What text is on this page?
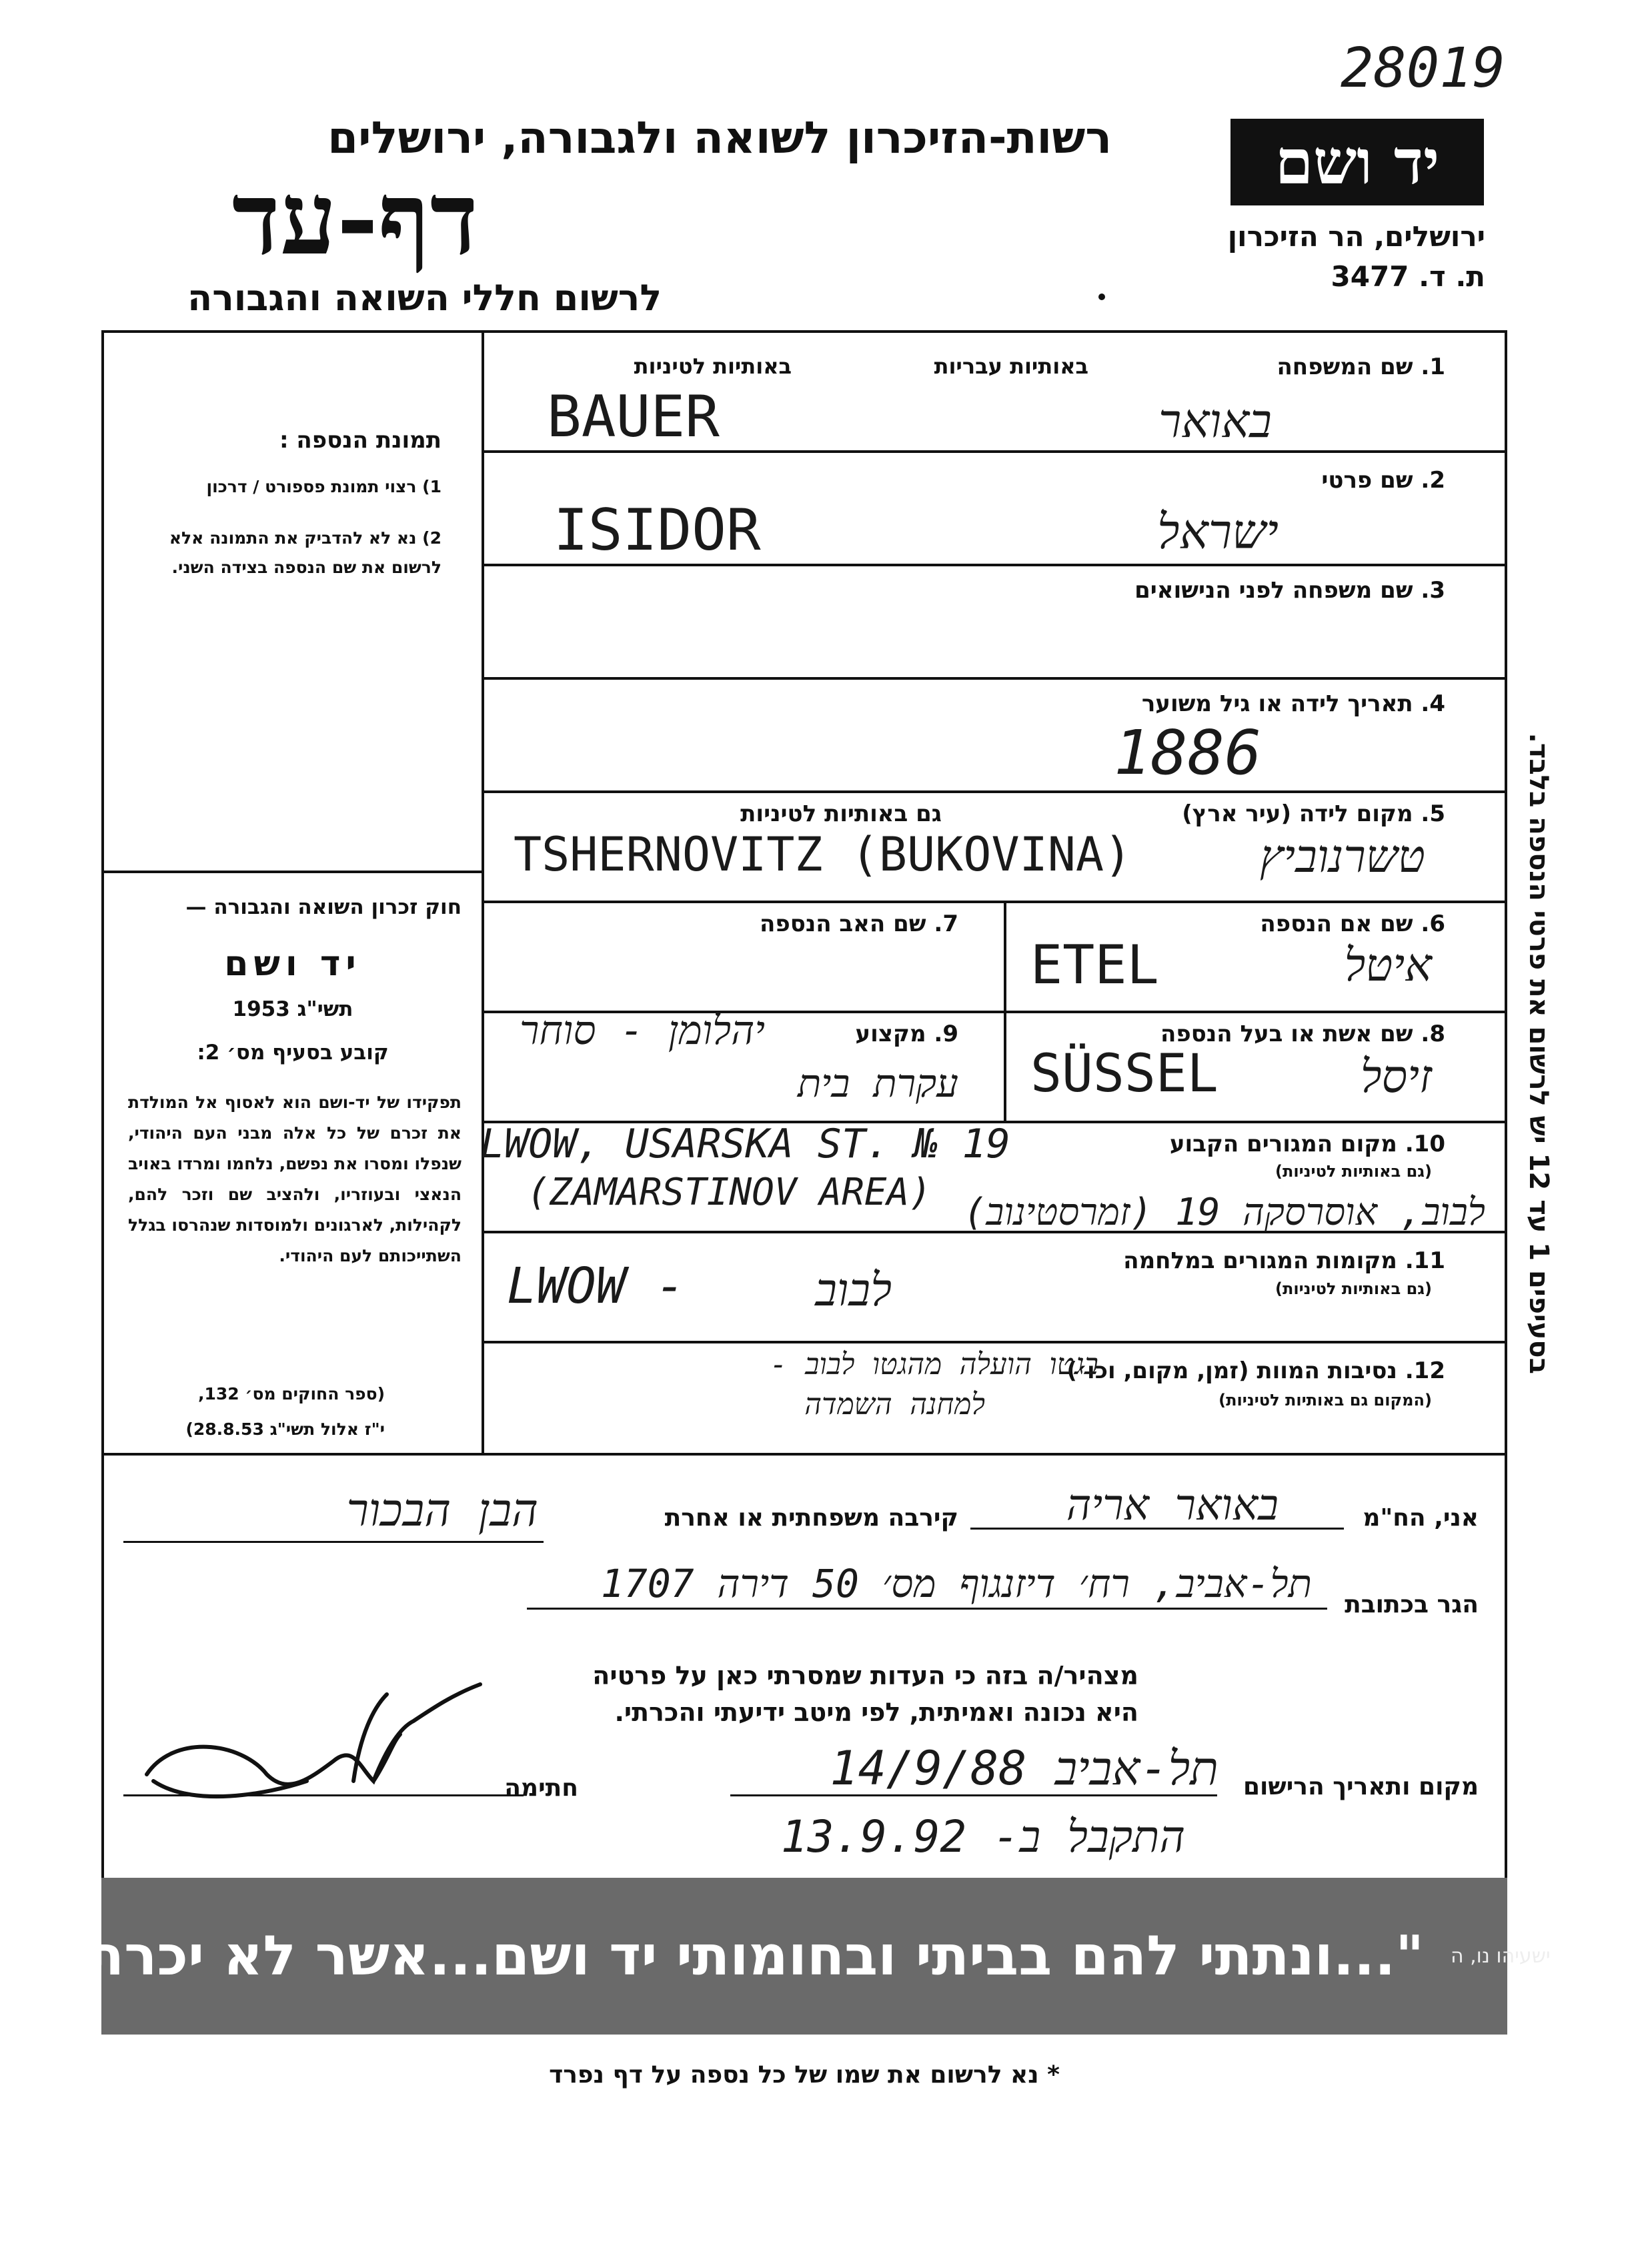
28019
יד ושם
ירושלים, הר הזיכרון
ת. ד. 3477
רשות-הזיכרון לשואה ולגבורה, ירושלים
דף-עד
לרשום חללי השואה והגבורה
תמונת הנספה :
1) רצוי תמונת פספורט / דרכון
2) נא לא להדביק את התמונה אלא לרשום את שם הנספה בצידה השני.
חוק זכרון השואה והגבורה —
יד ושם
תשי"ג 1953
קובע בסעיף מס׳ 2:
תפקידו של יד-ושם הוא לאסוף אל המולדת את זכרם של כל אלה מבני העם היהודי, שנפלו ומסרו את נפשם, נלחמו ומרדו באויב הנאצי ובעוזריו, ולהציב שם וזכר להם, לקהילות, לארגונים ולמוסדות שנהרסו בגלל השתייכותם לעם היהודי.
(ספר החוקים מס׳ 132,
י"ז אלול תשי"ג 28.8.53)
באותיות לטיניות	באותיות עבריות	1. שם המשפחה
BAUER	באואר
2. שם פרטי
ISIDOR	ישראל
3. שם משפחה לפני הנישואים
4. תאריך לידה או גיל משוער
1886
5. מקום לידה (עיר ארץ)
גם באותיות לטיניות
TSHERNOVITZ (BUKOVINA)	טשרנוביץ
6. שם אם הנספה
ETEL	איטל
7. שם האב הנספה
8. שם אשת או בעל הנספה
SÜSSEL	זיסל
9. מקצוע
יהלומן - סוחר
עקרת בית
10. מקום המגורים הקבוע
(גם באותיות לטיניות)
LWOW, USARSKA ST. № 19
(ZAMARSTINOV AREA) לבוב, אוסרסקה 19 (זמרסטינוב)
11. מקומות המגורים במלחמה
(גם באותיות לטיניות)
LWOW -	לבוב
12. נסיבות המוות (זמן, מקום, וכו׳)
(המקום גם באותיות לטיניות)
בגטו הועלה מהגטו לבוב -
למחנה השמדה
בסעיפים 1 עד 12 יש לרשום את פרטי הנספה בלבד.
אני, הח"מ
באואר אריה
קירבה משפחתית או אחרת
הבן הבכור
הגר בכתובת
תל-אביב, רח׳ דיזנגוף מס׳ 50 דירה 1707
מצהיר/ה בזה כי העדות שמסרתי כאן על פרטיה
היא נכונה ואמיתית, לפי מיטב ידיעתי והכרתי.
מקום ותאריך הרישום
תל-אביב 14/9/88
חתימה
התקבל ב- 13.9.92
"...ונתתי להם בביתי ובחומותי יד ושם...אשר לא יכרת" ישעיהו נו, ה
* נא לרשום את שמו של כל נספה על דף נפרד
